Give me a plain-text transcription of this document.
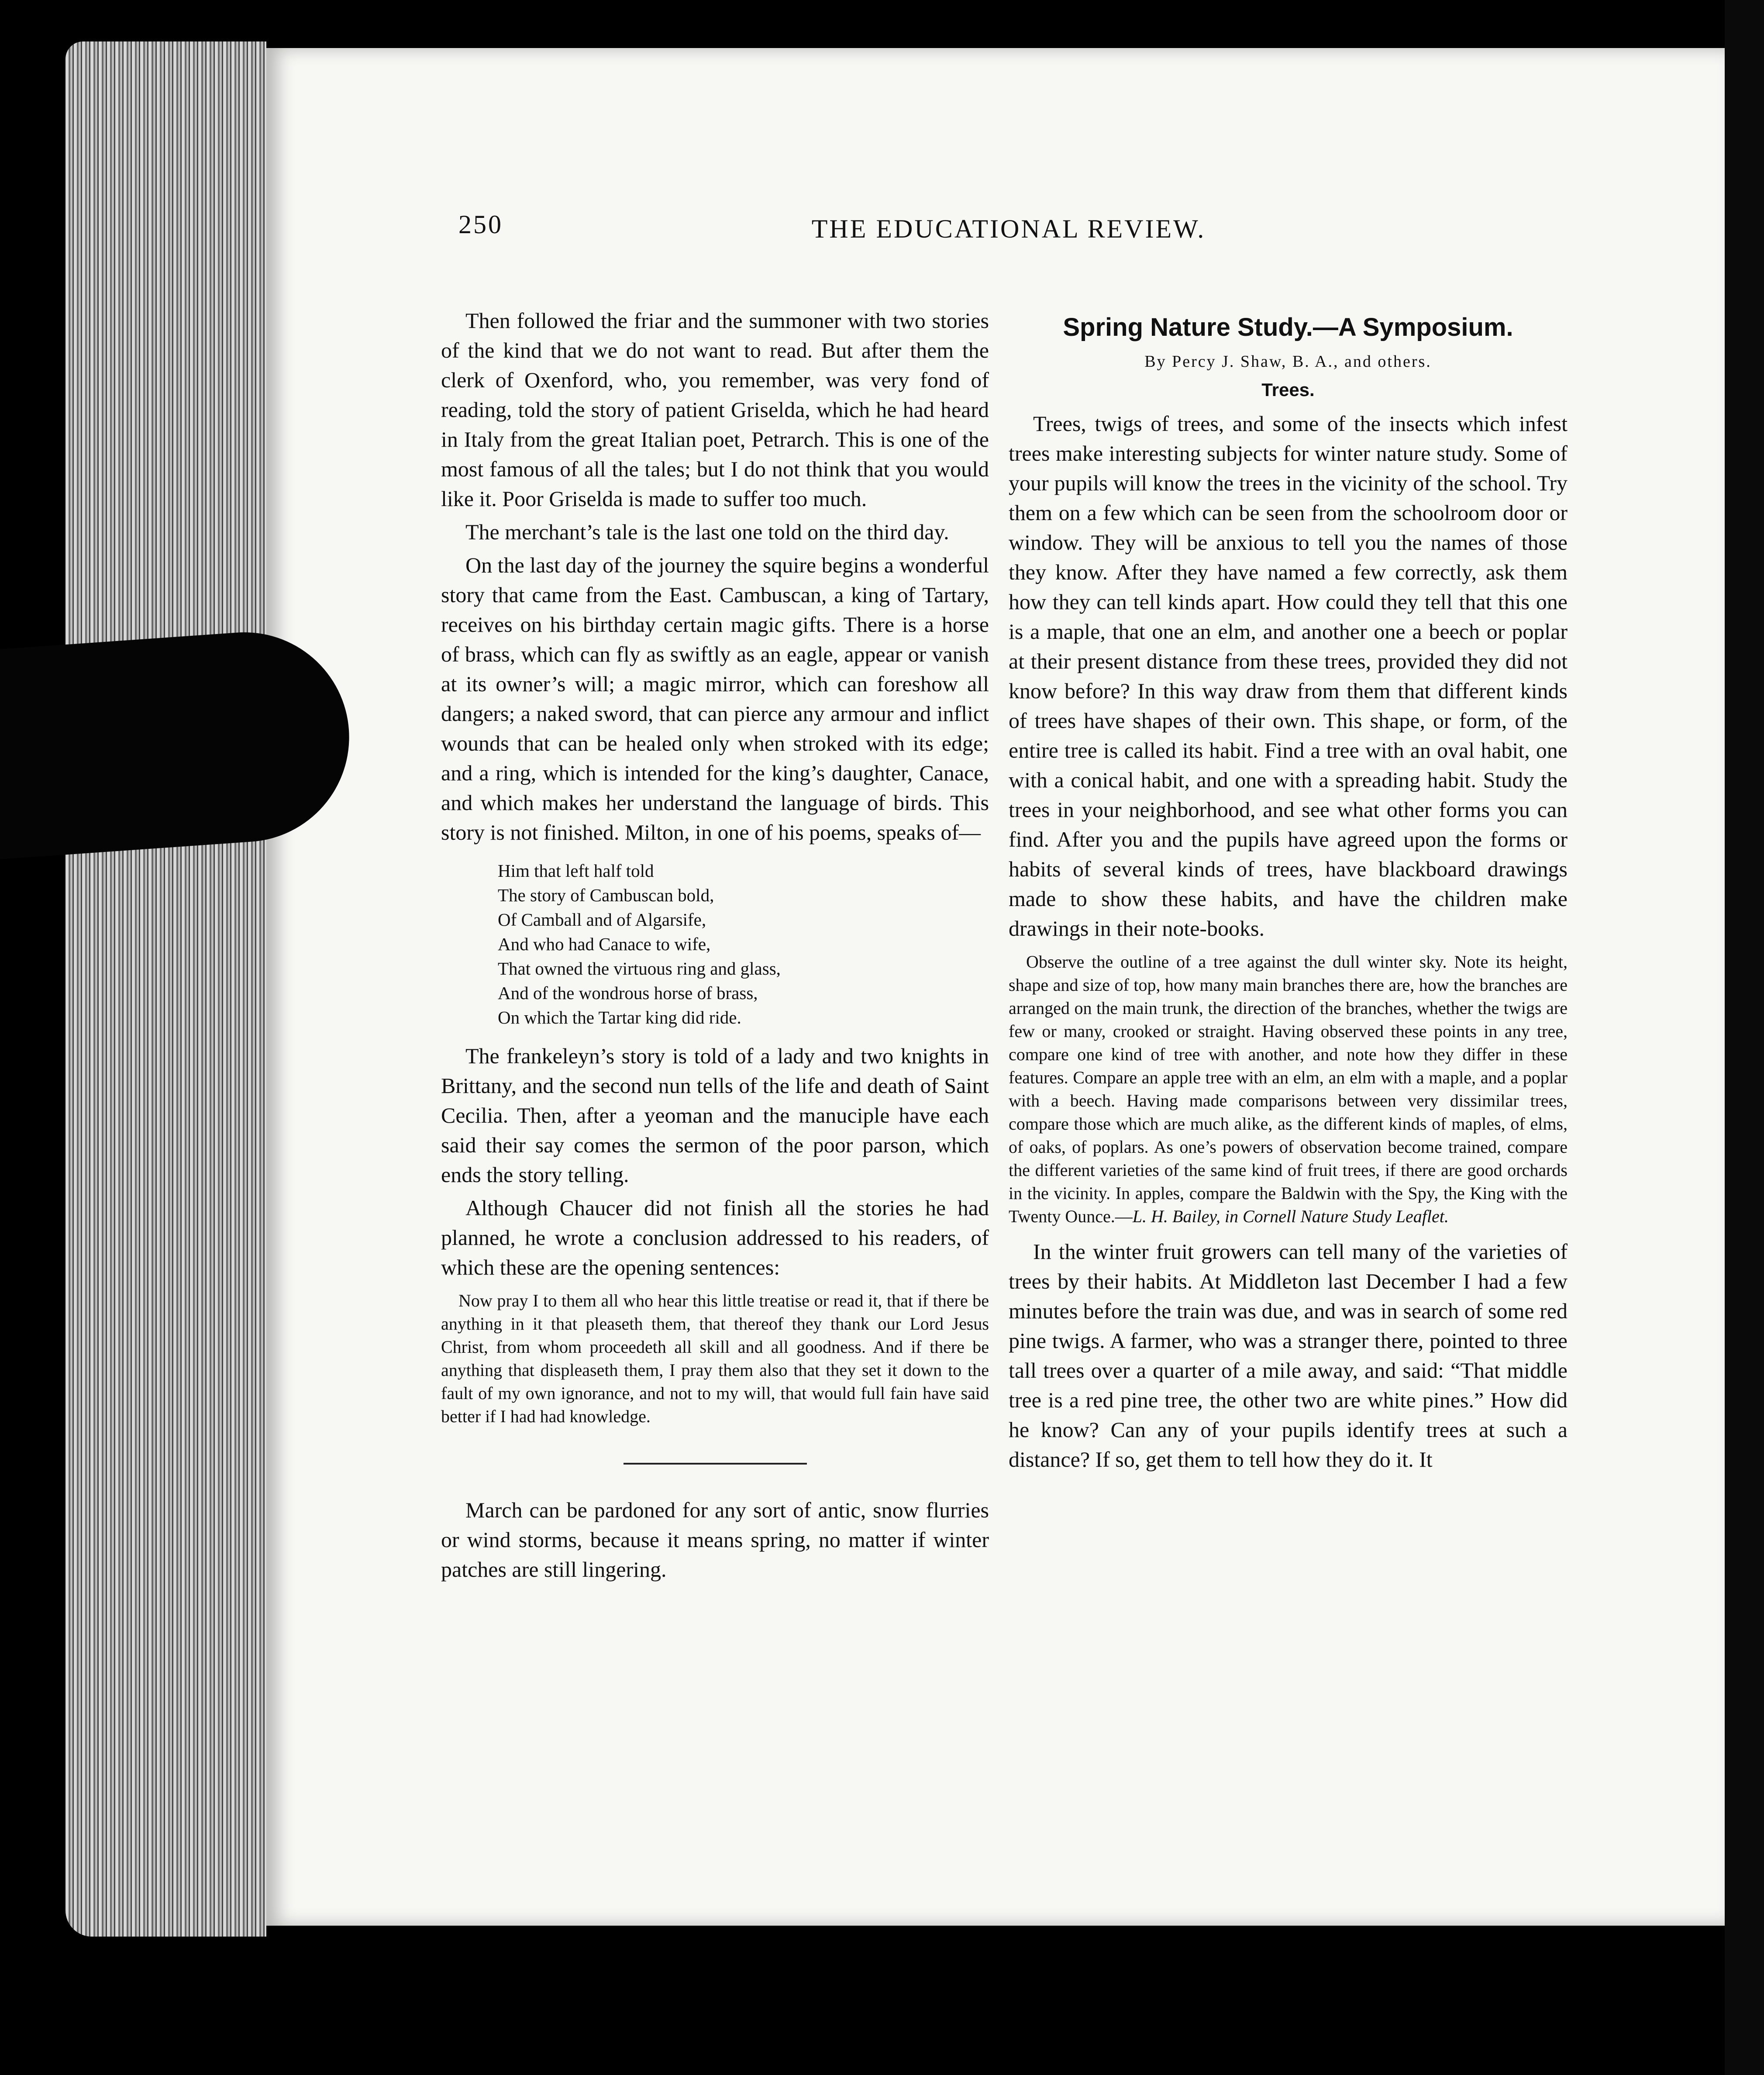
250	THE EDUCATIONAL REVIEW.

Then followed the friar and the summoner with two stories of the kind that we do not want to read. But after them the clerk of Oxenford, who, you remember, was very fond of reading, told the story of patient Griselda, which he had heard in Italy from the great Italian poet, Petrarch. This is one of the most famous of all the tales; but I do not think that you would like it. Poor Griselda is made to suffer too much.

The merchant’s tale is the last one told on the third day.

On the last day of the journey the squire begins a wonderful story that came from the East. Cambuscan, a king of Tartary, receives on his birthday certain magic gifts. There is a horse of brass, which can fly as swiftly as an eagle, appear or vanish at its owner’s will; a magic mirror, which can foreshow all dangers; a naked sword, that can pierce any armour and inflict wounds that can be healed only when stroked with its edge; and a ring, which is intended for the king’s daughter, Canace, and which makes her understand the language of birds. This story is not finished. Milton, in one of his poems, speaks of—

Him that left half told
The story of Cambuscan bold,
Of Camball and of Algarsife,
And who had Canace to wife,
That owned the virtuous ring and glass,
And of the wondrous horse of brass,
On which the Tartar king did ride.

The frankeleyn’s story is told of a lady and two knights in Brittany, and the second nun tells of the life and death of Saint Cecilia. Then, after a yeoman and the manuciple have each said their say comes the sermon of the poor parson, which ends the story telling.

Although Chaucer did not finish all the stories he had planned, he wrote a conclusion addressed to his readers, of which these are the opening sentences:

Now pray I to them all who hear this little treatise or read it, that if there be anything in it that pleaseth them, that thereof they thank our Lord Jesus Christ, from whom proceedeth all skill and all goodness. And if there be anything that displeaseth them, I pray them also that they set it down to the fault of my own ignorance, and not to my will, that would full fain have said better if I had had knowledge.

March can be pardoned for any sort of antic, snow flurries or wind storms, because it means spring, no matter if winter patches are still lingering.

Spring Nature Study.—A Symposium.
By Percy J. Shaw, B. A., and others.
Trees.

Trees, twigs of trees, and some of the insects which infest trees make interesting subjects for winter nature study. Some of your pupils will know the trees in the vicinity of the school. Try them on a few which can be seen from the schoolroom door or window. They will be anxious to tell you the names of those they know. After they have named a few correctly, ask them how they can tell kinds apart. How could they tell that this one is a maple, that one an elm, and another one a beech or poplar at their present distance from these trees, provided they did not know before? In this way draw from them that different kinds of trees have shapes of their own. This shape, or form, of the entire tree is called its habit. Find a tree with an oval habit, one with a conical habit, and one with a spreading habit. Study the trees in your neighborhood, and see what other forms you can find. After you and the pupils have agreed upon the forms or habits of several kinds of trees, have blackboard drawings made to show these habits, and have the children make drawings in their note-books.

Observe the outline of a tree against the dull winter sky. Note its height, shape and size of top, how many main branches there are, how the branches are arranged on the main trunk, the direction of the branches, whether the twigs are few or many, crooked or straight. Having observed these points in any tree, compare one kind of tree with another, and note how they differ in these features. Compare an apple tree with an elm, an elm with a maple, and a poplar with a beech. Having made comparisons between very dissimilar trees, compare those which are much alike, as the different kinds of maples, of elms, of oaks, of poplars. As one’s powers of observation become trained, compare the different varieties of the same kind of fruit trees, if there are good orchards in the vicinity. In apples, compare the Baldwin with the Spy, the King with the Twenty Ounce.—L. H. Bailey, in Cornell Nature Study Leaflet.

In the winter fruit growers can tell many of the varieties of trees by their habits. At Middleton last December I had a few minutes before the train was due, and was in search of some red pine twigs. A farmer, who was a stranger there, pointed to three tall trees over a quarter of a mile away, and said: “That middle tree is a red pine tree, the other two are white pines.” How did he know? Can any of your pupils identify trees at such a distance? If so, get them to tell how they do it. It
